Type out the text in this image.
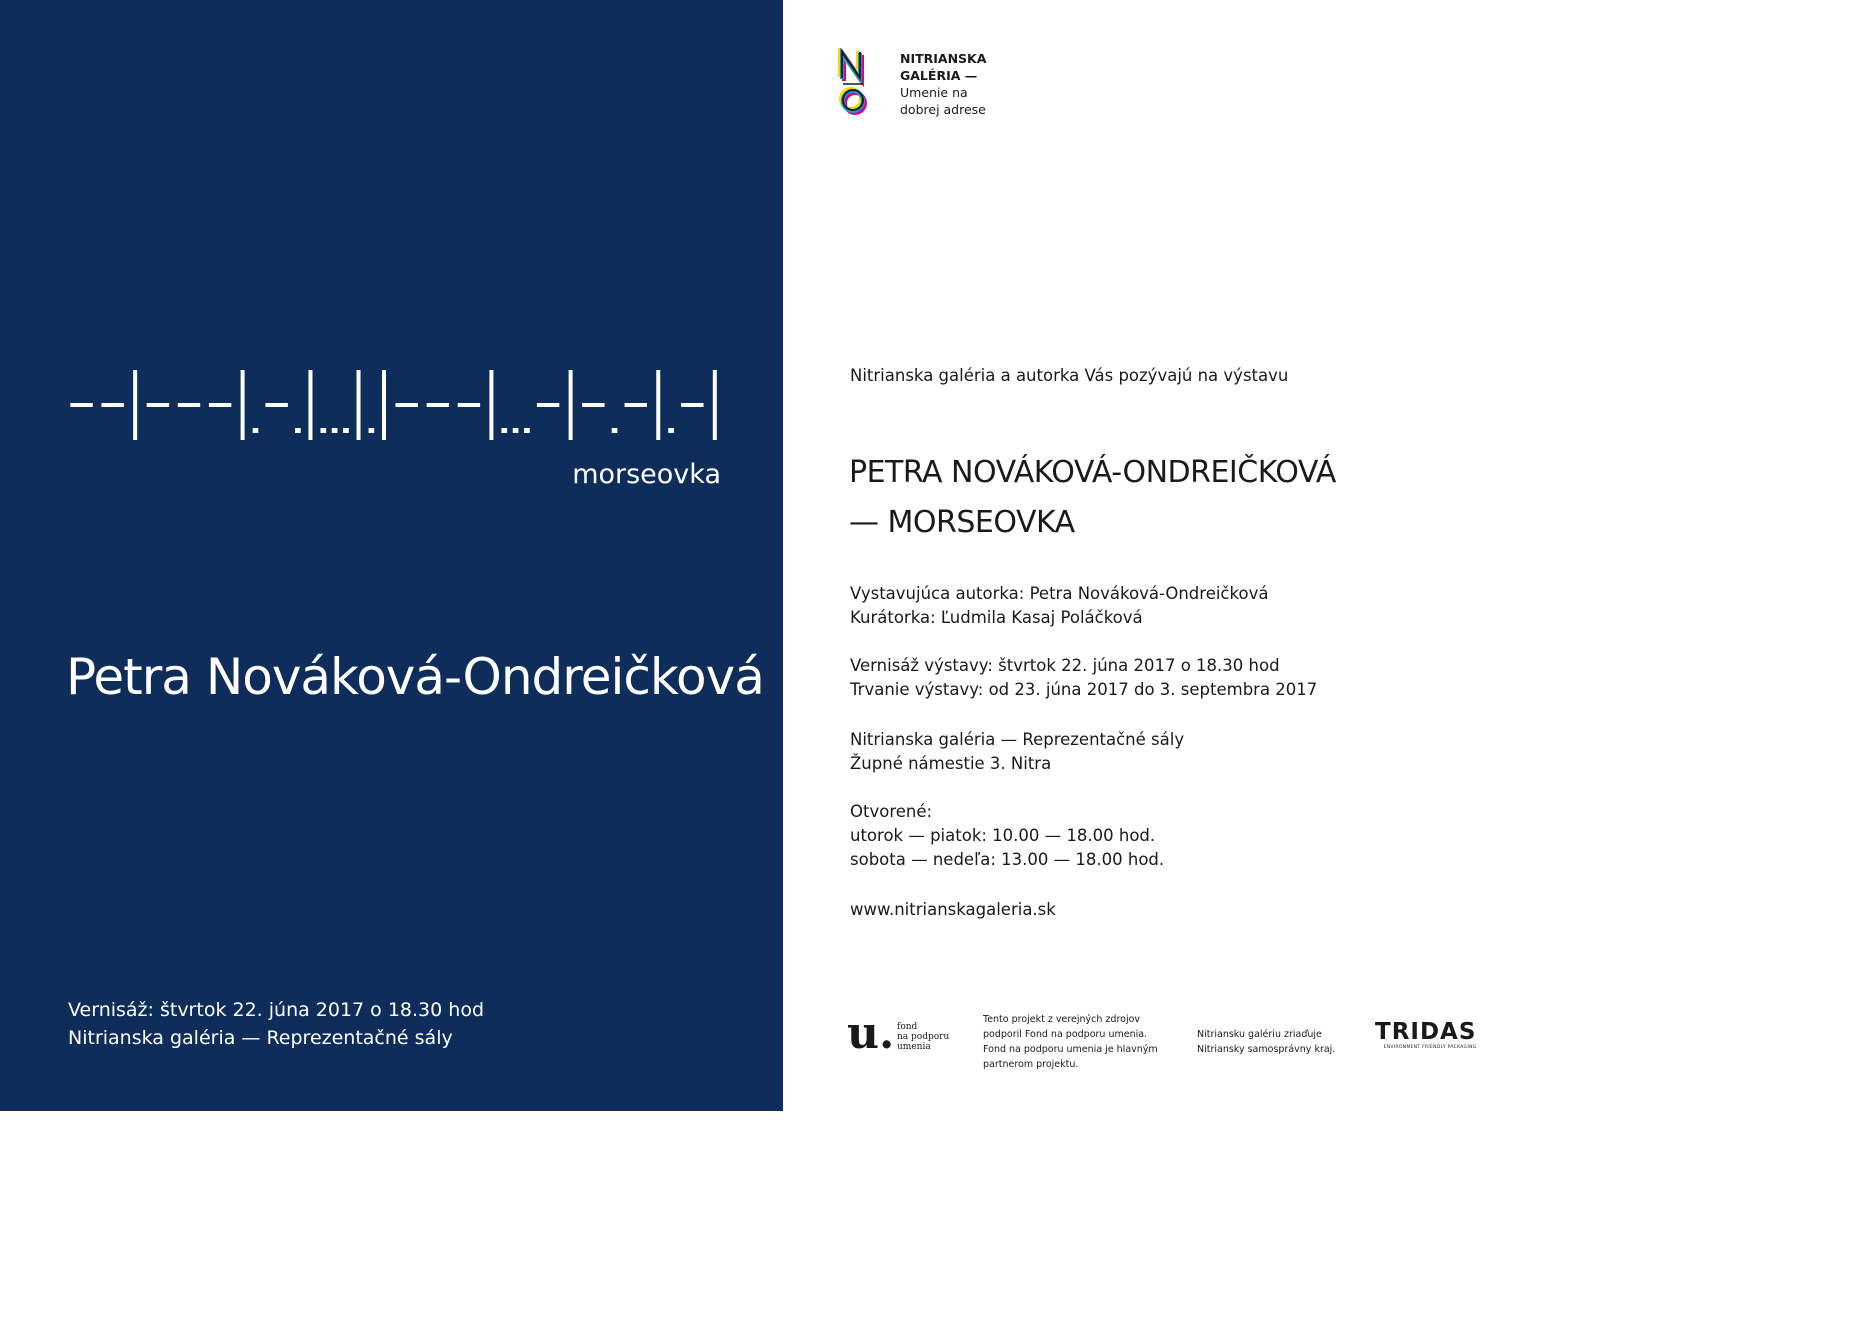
morseovka
Petra Nováková-Ondreičková
Vernisáž: štvrtok 22. júna 2017 o 18.30 hod
Nitrianska galéria — Reprezentačné sály
NITRIANSKA
GALÉRIA —
Umenie na
dobrej adrese
Nitrianska galéria a autorka Vás pozývajú na výstavu
PETRA NOVÁKOVÁ-ONDREIČKOVÁ
— MORSEOVKA
Vystavujúca autorka: Petra Nováková-Ondreičková
Kurátorka: Ľudmila Kasaj Poláčková
Vernisáž výstavy: štvrtok 22. júna 2017 o 18.30 hod
Trvanie výstavy: od 23. júna 2017 do 3. septembra 2017
Nitrianska galéria — Reprezentačné sály
Župné námestie 3. Nitra
Otvorené:
utorok — piatok: 10.00 — 18.00 hod.
sobota — nedeľa: 13.00 — 18.00 hod.
www.nitrianskagaleria.sk
u. fond
na podporu
umenia
Tento projekt z verejných zdrojov
podporil Fond na podporu umenia.
Fond na podporu umenia je hlavným
partnerom projektu.
Nitriansku galériu zriaďuje
Nitriansky samosprávny kraj.
TRIDAS
ENVIRONMENT FRIENDLY PACKAGING
